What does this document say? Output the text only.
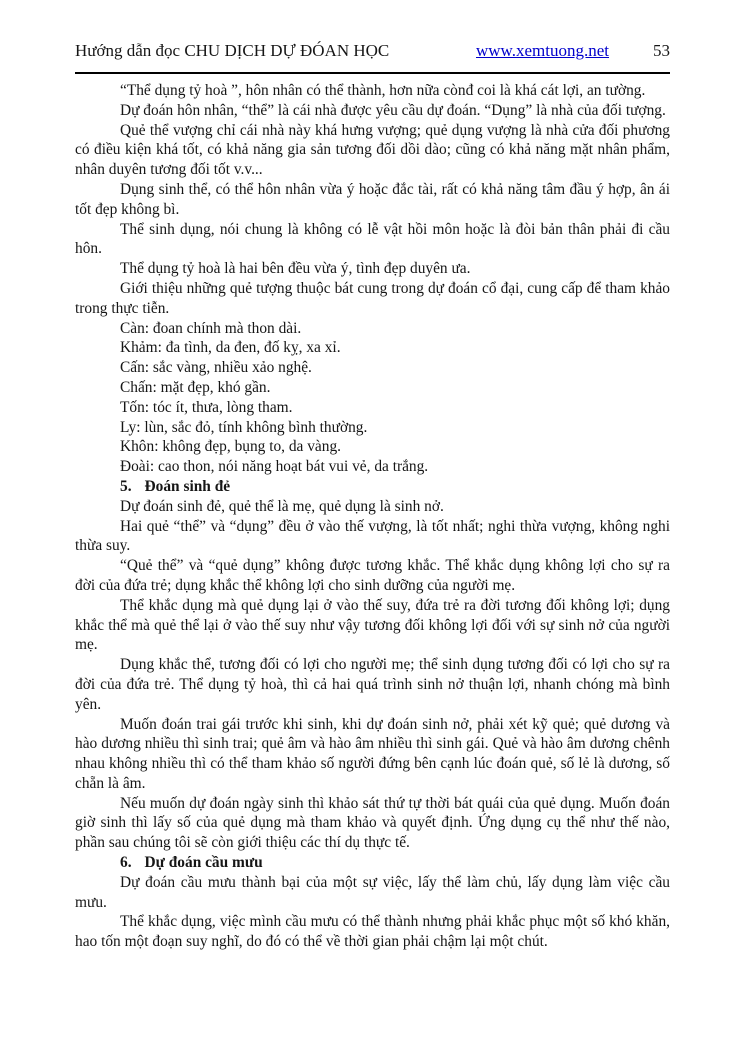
Hướng dẫn đọc CHU DỊCH DỰ ĐÓAN HỌC	www.xemtuong.net	53

“Thể dụng tỷ hoà ”, hôn nhân có thể thành, hơn nữa cònđ coi là khá cát lợi, an tường.

Dự đoán hôn nhân, “thể” là cái nhà được yêu cầu dự đoán. “Dụng” là nhà của đối tượng.

Quẻ thể vượng chỉ cái nhà này khá hưng vượng; quẻ dụng vượng là nhà cửa đối phương có điều kiện khá tốt, có khả năng gia sản tương đối dồi dào; cũng có khả năng mặt nhân phẩm, nhân duyên tương đối tốt v.v...

Dụng sinh thể, có thể hôn nhân vừa ý hoặc đắc tài, rất có khả năng tâm đầu ý hợp, ân ái tốt đẹp không bì.

Thể sinh dụng, nói chung là không có lễ vật hồi môn hoặc là đòi bản thân phải đi cầu hôn.

Thể dụng tỷ hoà là hai bên đều vừa ý, tình đẹp duyên ưa.

Giới thiệu những quẻ tượng thuộc bát cung trong dự đoán cổ đại, cung cấp để tham khảo trong thực tiễn.

Càn: đoan chính mà thon dài.

Khảm: đa tình, da đen, đố kỵ, xa xỉ.

Cấn: sắc vàng, nhiều xảo nghệ.

Chấn: mặt đẹp, khó gần.

Tốn: tóc ít, thưa, lòng tham.

Ly: lùn, sắc đỏ, tính không bình thường.

Khôn: không đẹp, bụng to, da vàng.

Đoài: cao thon, nói năng hoạt bát vui vẻ, da trắng.

5. Đoán sinh đẻ

Dự đoán sinh đẻ, quẻ thể là mẹ, quẻ dụng là sinh nở.

Hai quẻ “thể” và “dụng” đều ở vào thế vượng, là tốt nhất; nghi thừa vượng, không nghi thừa suy.

“Quẻ thể” và “quẻ dụng” không được tương khắc. Thể khắc dụng không lợi cho sự ra đời của đứa trẻ; dụng khắc thể không lợi cho sinh dưỡng của người mẹ.

Thể khắc dụng mà quẻ dụng lại ở vào thế suy, đứa trẻ ra đời tương đối không lợi; dụng khắc thể mà quẻ thể lại ở vào thế suy như vậy tương đối không lợi đối với sự sinh nở của người mẹ.

Dụng khắc thể, tương đối có lợi cho người mẹ; thể sinh dụng tương đối có lợi cho sự ra đời của đứa trẻ. Thể dụng tỷ hoà, thì cả hai quá trình sinh nở thuận lợi, nhanh chóng mà bình yên.

Muốn đoán trai gái trước khi sinh, khi dự đoán sinh nở, phải xét kỹ quẻ; quẻ dương và hào dương nhiều thì sinh trai; quẻ âm và hào âm nhiều thì sinh gái. Quẻ và hào âm dương chênh nhau không nhiều thì có thể tham khảo số người đứng bên cạnh lúc đoán quẻ, số lẻ là dương, số chẵn là âm.

Nếu muốn dự đoán ngày sinh thì khảo sát thứ tự thời bát quái của quẻ dụng. Muốn đoán giờ sinh thì lấy số của quẻ dụng mà tham khảo và quyết định. Ứng dụng cụ thể như thế nào, phần sau chúng tôi sẽ còn giới thiệu các thí dụ thực tế.

6. Dự đoán cầu mưu

Dự đoán cầu mưu thành bại của một sự việc, lấy thể làm chủ, lấy dụng làm việc cầu mưu.

Thể khắc dụng, việc mình cầu mưu có thể thành nhưng phải khắc phục một số khó khăn, hao tốn một đoạn suy nghĩ, do đó có thể về thời gian phải chậm lại một chút.
